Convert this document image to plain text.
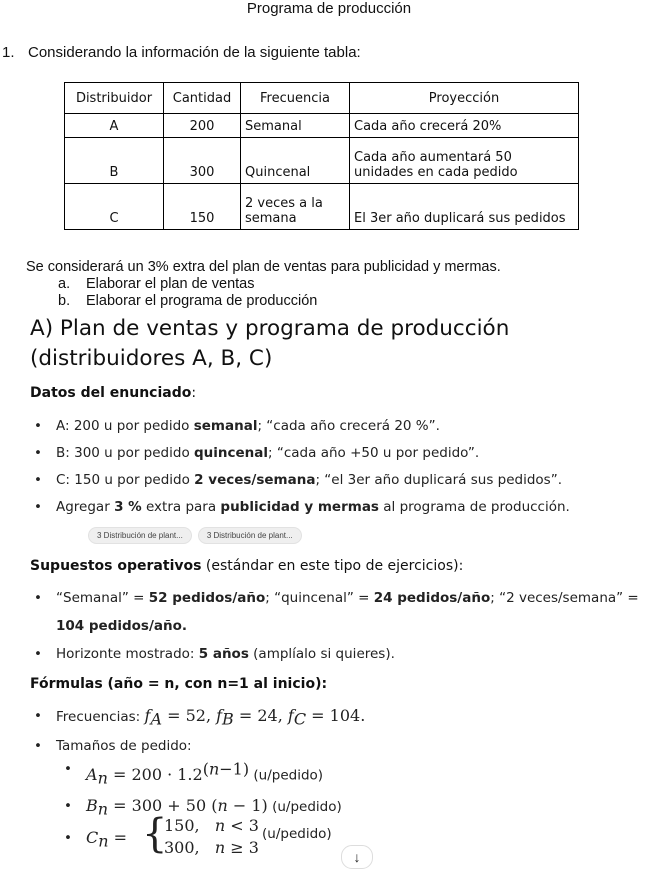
Programa de producción
1. Considerando la información de la siguiente tabla:
Distribuidor	Cantidad	Frecuencia	Proyección
A	200	Semanal	Cada año crecerá 20%
B	300	Quincenal	Cada año aumentará 50 unidades en cada pedido
C	150	2 veces a la semana	El 3er año duplicará sus pedidos
Se considerará un 3% extra del plan de ventas para publicidad y mermas.
a. Elaborar el plan de ventas
b. Elaborar el programa de producción
A) Plan de ventas y programa de producción (distribuidores A, B, C)
Datos del enunciado:
• A: 200 u por pedido semanal; “cada año crecerá 20 %”.
• B: 300 u por pedido quincenal; “cada año +50 u por pedido”.
• C: 150 u por pedido 2 veces/semana; “el 3er año duplicará sus pedidos”.
• Agregar 3 % extra para publicidad y mermas al programa de producción.
3 Distribución de plant...	3 Distribución de plant...
Supuestos operativos (estándar en este tipo de ejercicios):
• “Semanal” = 52 pedidos/año; “quincenal” = 24 pedidos/año; “2 veces/semana” = 104 pedidos/año.
• Horizonte mostrado: 5 años (amplíalo si quieres).
Fórmulas (año = n, con n=1 al inicio):
• Frecuencias: $f_A = 52$, $f_B = 24$, $f_C = 104$.
• Tamaños de pedido:
• $A_n = 200 \cdot 1.2^{(n-1)}$ (u/pedido)
• $B_n = 300 + 50$ (n − 1) (u/pedido)
• $C_n$ = {
150,   n < 3
300,   n ≥ 3
(u/pedido)
↓
